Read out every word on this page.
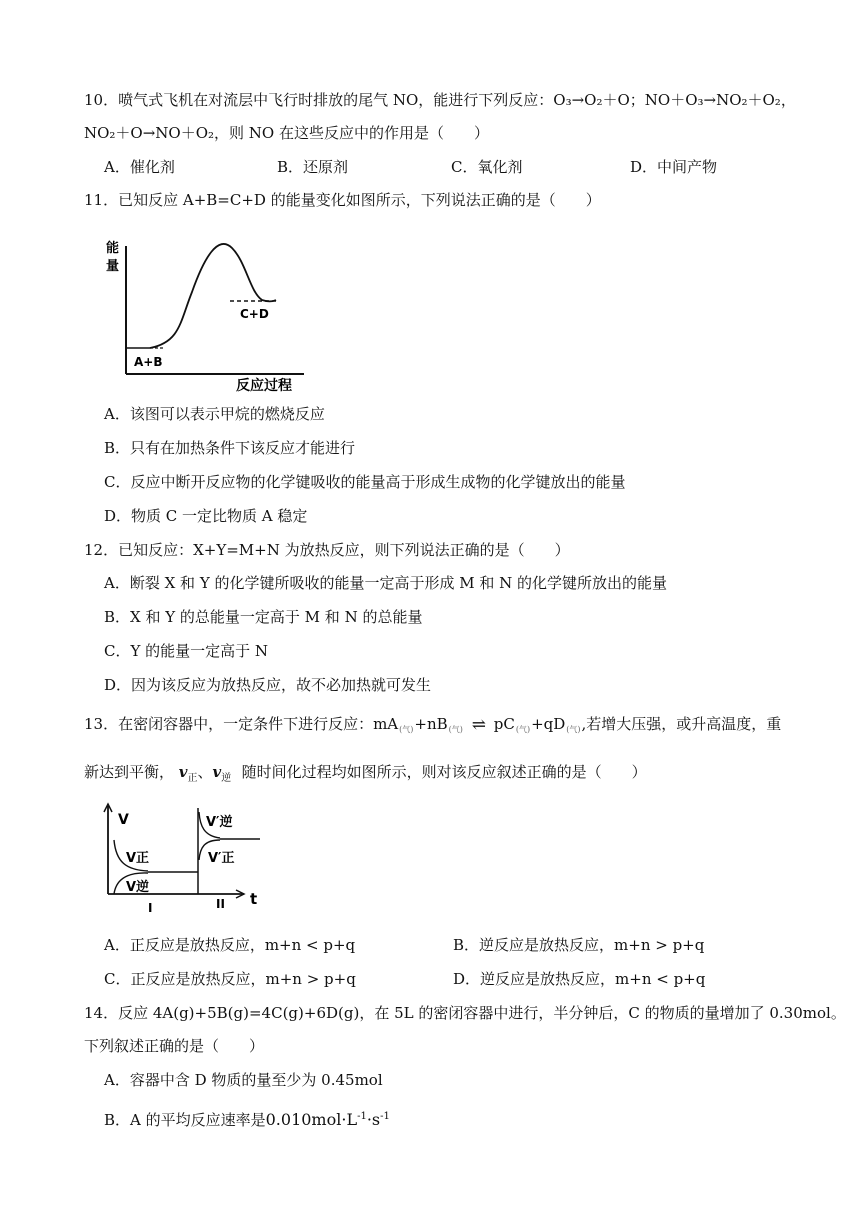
10．喷气式飞机在对流层中飞行时排放的尾气 NO，能进行下列反应：O₃→O₂＋O；NO＋O₃→NO₂＋O₂，
NO₂＋O→NO＋O₂，则 NO 在这些反应中的作用是（　　）
A．催化剂	B．还原剂	C．氧化剂	D．中间产物
11．已知反应 A+B=C+D 的能量变化如图所示，下列说法正确的是（　　）
能
量
A+B
C+D
反应过程
A．该图可以表示甲烷的燃烧反应
B．只有在加热条件下该反应才能进行
C．反应中断开反应物的化学键吸收的能量高于形成生成物的化学键放出的能量
D．物质 C 一定比物质 A 稳定
12．已知反应：X+Y=M+N 为放热反应，则下列说法正确的是（　　）
A．断裂 X 和 Y 的化学键所吸收的能量一定高于形成 M 和 N 的化学键所放出的能量
B．X 和 Y 的总能量一定高于 M 和 N 的总能量
C．Y 的能量一定高于 N
D．因为该反应为放热反应，故不必加热就可发生
13．在密闭容器中，一定条件下进行反应：$mA_{(气)}+nB_{(气)}$ ⇌ $pC_{(气)}+qD_{(气)}$,若增大压强，或升高温度，重
新达到平衡， $v_正$、$v_逆$ 随时间化过程均如图所示，则对该反应叙述正确的是（　　）
V
t
V正
V逆
V′逆
V′正
I	II
A．正反应是放热反应，m+n < p+q	B．逆反应是放热反应，m+n > p+q
C．正反应是放热反应，m+n > p+q	D．逆反应是放热反应，m+n < p+q
14．反应 4A(g)+5B(g)=4C(g)+6D(g)，在 5L 的密闭容器中进行，半分钟后，C 的物质的量增加了 0.30mol。
下列叙述正确的是（　　）
A．容器中含 D 物质的量至少为 0.45mol
B．A 的平均反应速率是$0.010mol\cdot L^{-1}\cdot s^{-1}$
